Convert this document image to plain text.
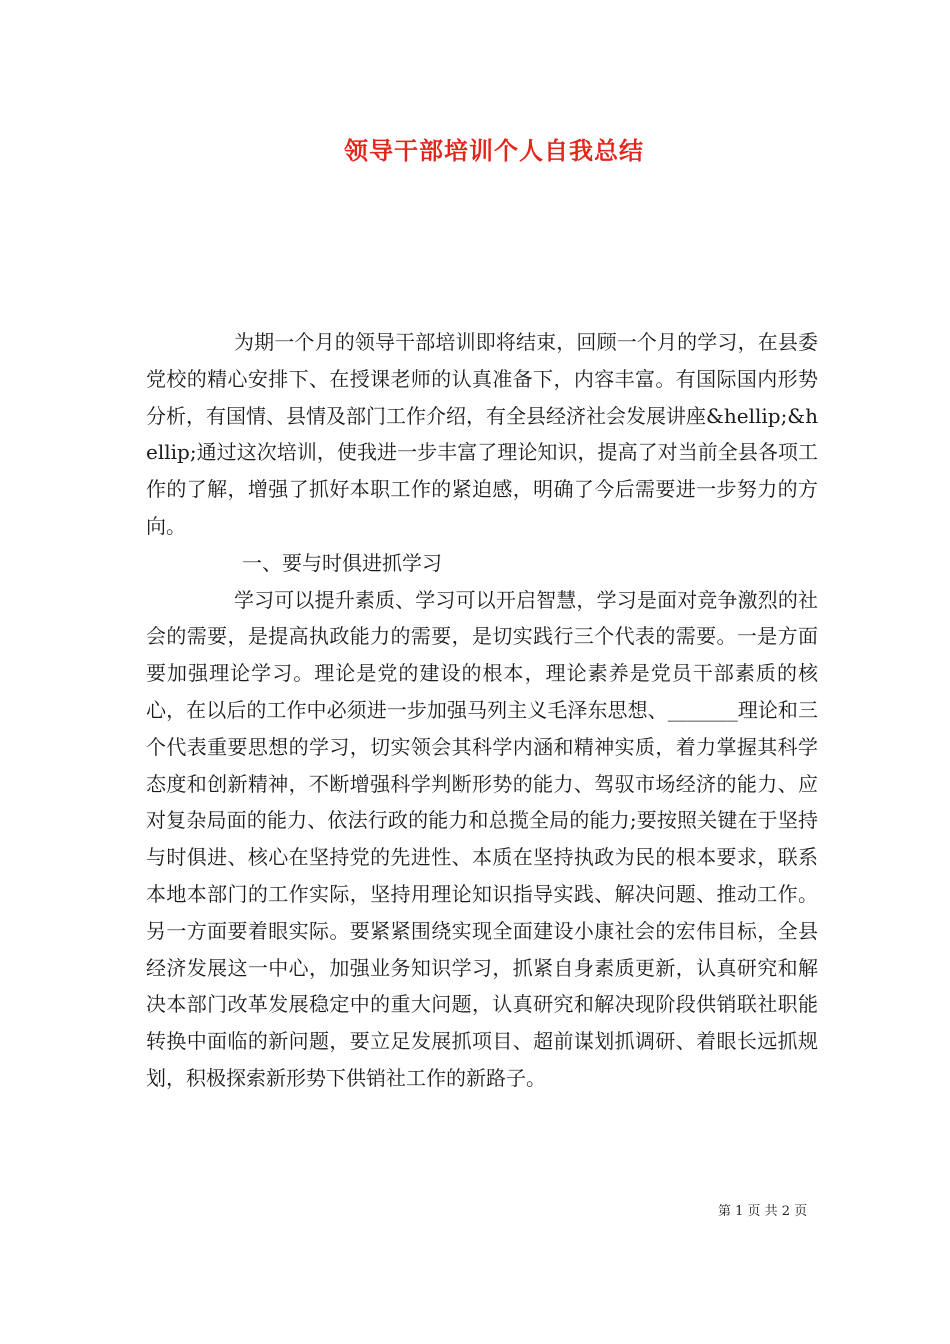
领导干部培训个人自我总结

为期一个月的领导干部培训即将结束，回顾一个月的学习，在县委党校的精心安排下、在授课老师的认真准备下，内容丰富。有国际国内形势分析，有国情、县情及部门工作介绍，有全县经济社会发展讲座&hellip;&hellip;通过这次培训，使我进一步丰富了理论知识，提高了对当前全县各项工作的了解，增强了抓好本职工作的紧迫感，明确了今后需要进一步努力的方向。

一、要与时俱进抓学习

学习可以提升素质、学习可以开启智慧，学习是面对竞争激烈的社会的需要，是提高执政能力的需要，是切实践行三个代表的需要。一是方面要加强理论学习。理论是党的建设的根本，理论素养是党员干部素质的核心，在以后的工作中必须进一步加强马列主义毛泽东思想、_______理论和三个代表重要思想的学习，切实领会其科学内涵和精神实质，着力掌握其科学态度和创新精神，不断增强科学判断形势的能力、驾驭市场经济的能力、应对复杂局面的能力、依法行政的能力和总揽全局的能力;要按照关键在于坚持与时俱进、核心在坚持党的先进性、本质在坚持执政为民的根本要求，联系本地本部门的工作实际，坚持用理论知识指导实践、解决问题、推动工作。另一方面要着眼实际。要紧紧围绕实现全面建设小康社会的宏伟目标，全县经济发展这一中心，加强业务知识学习，抓紧自身素质更新，认真研究和解决本部门改革发展稳定中的重大问题，认真研究和解决现阶段供销联社职能转换中面临的新问题，要立足发展抓项目、超前谋划抓调研、着眼长远抓规划，积极探索新形势下供销社工作的新路子。

第 1 页 共 2 页
